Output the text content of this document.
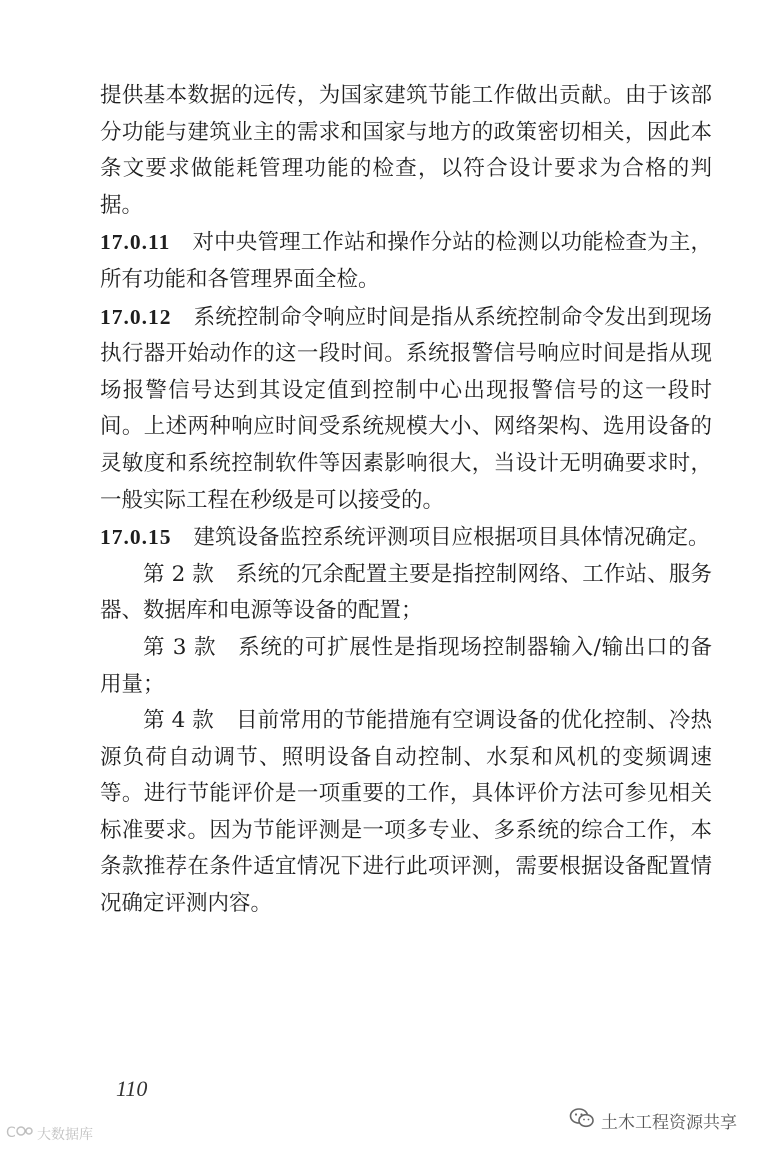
提供基本数据的远传，为国家建筑节能工作做出贡献。由于该部分功能与建筑业主的需求和国家与地方的政策密切相关，因此本条文要求做能耗管理功能的检查，以符合设计要求为合格的判据。

17.0.11 对中央管理工作站和操作分站的检测以功能检查为主，所有功能和各管理界面全检。

17.0.12 系统控制命令响应时间是指从系统控制命令发出到现场执行器开始动作的这一段时间。系统报警信号响应时间是指从现场报警信号达到其设定值到控制中心出现报警信号的这一段时间。上述两种响应时间受系统规模大小、网络架构、选用设备的灵敏度和系统控制软件等因素影响很大，当设计无明确要求时，一般实际工程在秒级是可以接受的。

17.0.15 建筑设备监控系统评测项目应根据项目具体情况确定。

第 2 款 系统的冗余配置主要是指控制网络、工作站、服务器、数据库和电源等设备的配置；

第 3 款 系统的可扩展性是指现场控制器输入/输出口的备用量；

第 4 款 目前常用的节能措施有空调设备的优化控制、冷热源负荷自动调节、照明设备自动控制、水泵和风机的变频调速等。进行节能评价是一项重要的工作，具体评价方法可参见相关标准要求。因为节能评测是一项多专业、多系统的综合工作，本条款推荐在条件适宜情况下进行此项评测，需要根据设备配置情况确定评测内容。

110
土木工程资源共享
C 大数据库
